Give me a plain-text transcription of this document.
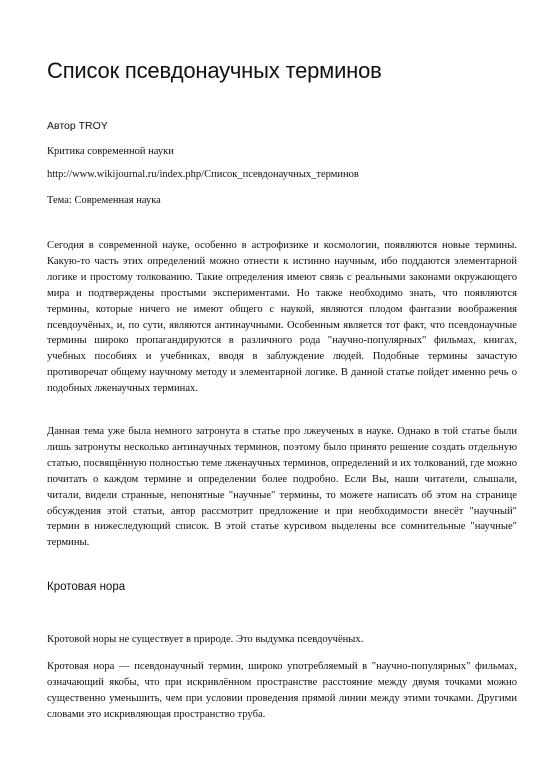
Список псевдонаучных терминов
Автор TROY
Критика современной науки
http://www.wikijournal.ru/index.php/Список_псевдонаучных_терминов
Тема: Современная наука

Сегодня в современной науке, особенно в астрофизике и космологии, появляются новые термины. Какую-то часть этих определений можно отнести к истинно научным, ибо поддаются элементарной логике и простому толкованию. Такие определения имеют связь с реальными законами окружающего мира и подтверждены простыми экспериментами. Но также необходимо знать, что появляются термины, которые ничего не имеют общего с наукой, являются плодом фантазии воображения псевдоучёных, и, по сути, являются антинаучными. Особенным является тот факт, что псевдонаучные термины широко пропагандируются в различного рода "научно-популярных" фильмах, книгах, учебных пособиях и учебниках, вводя в заблуждение людей. Подобные термины зачастую противоречат общему научному методу и элементарной логике. В данной статье пойдет именно речь о подобных лженаучных терминах.

Данная тема уже была немного затронута в статье про лжеученых в науке. Однако в той статье были лишь затронуты несколько антинаучных терминов, поэтому было принято решение создать отдельную статью, посвящённую полностью теме лженаучных терминов, определений и их толкований, где можно почитать о каждом термине и определении более подробно. Если Вы, наши читатели, слышали, читали, видели странные, непонятные "научные" термины, то можете написать об этом на странице обсуждения этой статьи, автор рассмотрит предложение и при необходимости внесёт "научный" термин в нижеследующий список. В этой статье курсивом выделены все сомнительные "научные" термины.

Кротовая нора

Кротовой норы не существует в природе. Это выдумка псевдоучёных.

Кротовая нора — псевдонаучный термин, широко употребляемый в "научно-популярных" фильмах, означающий якобы, что при искривлённом пространстве расстояние между двумя точками можно существенно уменьшить, чем при условии проведения прямой линии между этими точками. Другими словами это искривляющая пространство труба.
